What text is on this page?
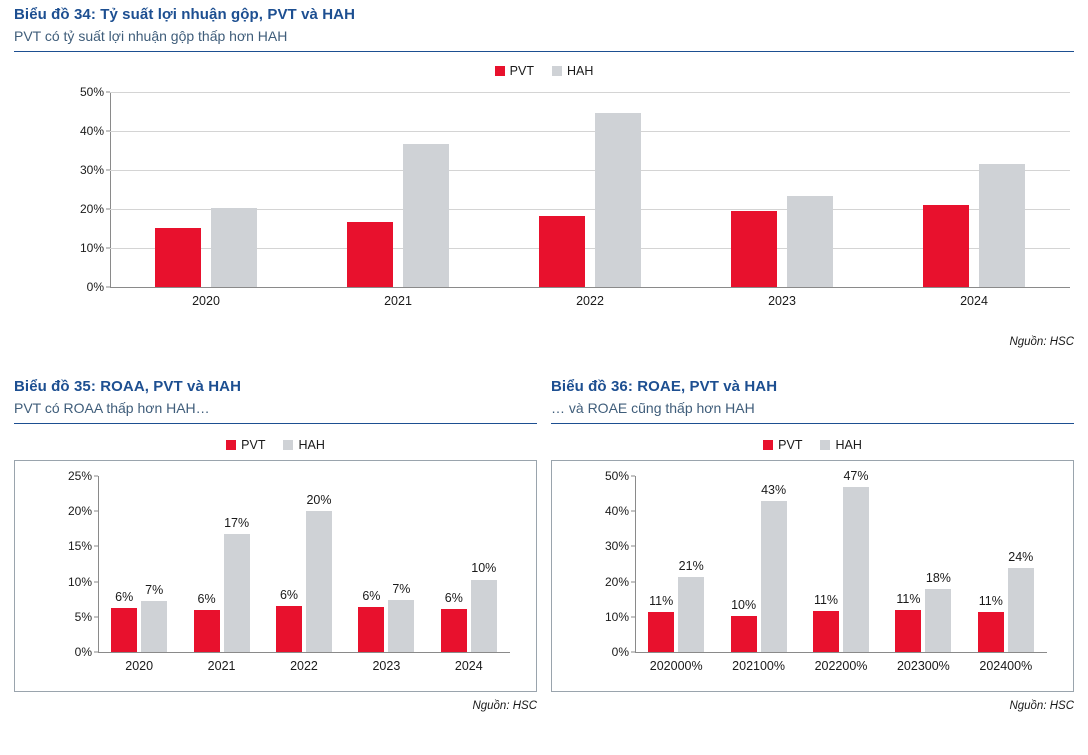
Biểu đồ 34: Tỷ suất lợi nhuận gộp, PVT và HAH
PVT có tỷ suất lợi nhuận gộp thấp hơn HAH
PVT	HAH
0%
10%
20%
30%
40%
50%
2020	2021	2022	2023	2024
Nguồn: HSC
Biểu đồ 35: ROAA, PVT và HAH
PVT có ROAA thấp hơn HAH…
PVT	HAH
0%
5%
10%
15%
20%
25%
6%
7%
2020
6%
17%
2021
6%
20%
2022
6%
7%
2023
6%
10%
2024
Nguồn: HSC
Biểu đồ 36: ROAE, PVT và HAH
… và ROAE cũng thấp hơn HAH
PVT	HAH
0%
10%
20%
30%
40%
50%
11%
21%
202000%
10%
43%
202100%
11%
47%
202200%
11%
18%
202300%
11%
24%
202400%
Nguồn: HSC
